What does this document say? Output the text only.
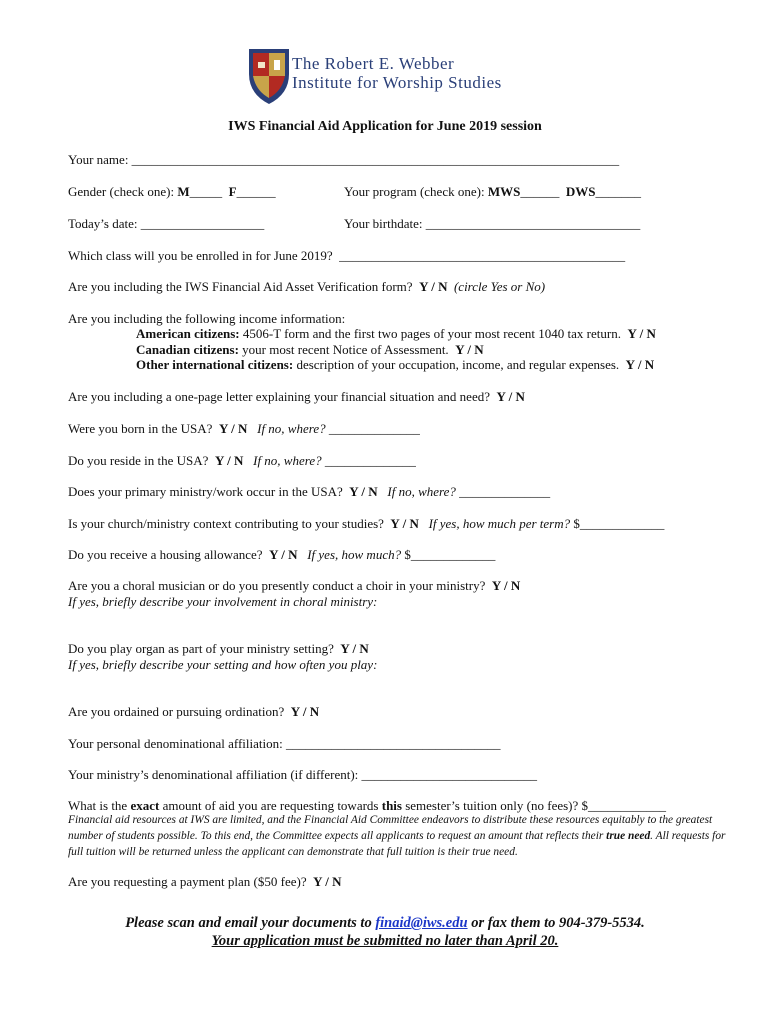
The Robert E. Webber
Institute for Worship Studies
IWS Financial Aid Application for June 2019 session
Your name: ___________________________________________________________________________
Gender (check one): M_____  F______	Your program (check one): MWS______  DWS_______
Today’s date: ___________________	Your birthdate: _________________________________
Which class will you be enrolled in for June 2019?  ____________________________________________
Are you including the IWS Financial Aid Asset Verification form?  Y / N  (circle Yes or No)
Are you including the following income information:
American citizens: 4506-T form and the first two pages of your most recent 1040 tax return.  Y / N
Canadian citizens: your most recent Notice of Assessment.  Y / N
Other international citizens: description of your occupation, income, and regular expenses.  Y / N
Are you including a one-page letter explaining your financial situation and need?  Y / N
Were you born in the USA?  Y / N   If no, where? ______________
Do you reside in the USA?  Y / N   If no, where? ______________
Does your primary ministry/work occur in the USA?  Y / N   If no, where? ______________
Is your church/ministry context contributing to your studies?  Y / N   If yes, how much per term? $_____________
Do you receive a housing allowance?  Y / N   If yes, how much? $_____________
Are you a choral musician or do you presently conduct a choir in your ministry?  Y / N
If yes, briefly describe your involvement in choral ministry:
Do you play organ as part of your ministry setting?  Y / N
If yes, briefly describe your setting and how often you play:
Are you ordained or pursuing ordination?  Y / N
Your personal denominational affiliation: _________________________________
Your ministry’s denominational affiliation (if different): ___________________________
What is the exact amount of aid you are requesting towards this semester’s tuition only (no fees)? $____________
Financial aid resources at IWS are limited, and the Financial Aid Committee endeavors to distribute these resources equitably to the greatest number of students possible. To this end, the Committee expects all applicants to request an amount that reflects their true need. All requests for full tuition will be returned unless the applicant can demonstrate that full tuition is their true need.
Are you requesting a payment plan ($50 fee)?  Y / N
Please scan and email your documents to finaid@iws.edu or fax them to 904-379-5534.
Your application must be submitted no later than April 20.
